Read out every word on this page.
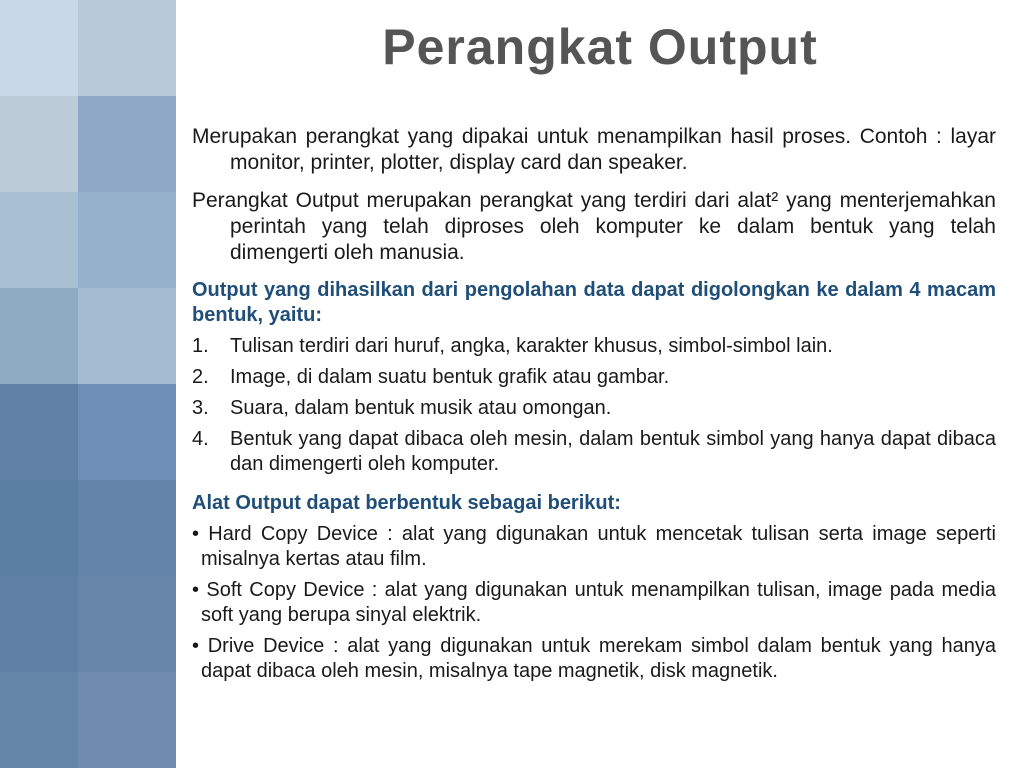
Perangkat Output

Merupakan perangkat yang dipakai untuk menampilkan hasil proses. Contoh : layar monitor, printer, plotter, display card dan speaker.

Perangkat Output merupakan perangkat yang terdiri dari alat² yang menterjemahkan perintah yang telah diproses oleh komputer ke dalam bentuk yang telah dimengerti oleh manusia.

Output yang dihasilkan dari pengolahan data dapat digolongkan ke dalam 4 macam bentuk, yaitu:

1. Tulisan terdiri dari huruf, angka, karakter khusus, simbol-simbol lain.
2. Image, di dalam suatu bentuk grafik atau gambar.
3. Suara, dalam bentuk musik atau omongan.
4. Bentuk yang dapat dibaca oleh mesin, dalam bentuk simbol yang hanya dapat dibaca dan dimengerti oleh komputer.

Alat Output dapat berbentuk sebagai berikut:

• Hard Copy Device : alat yang digunakan untuk mencetak tulisan serta image seperti misalnya kertas atau film.
• Soft Copy Device : alat yang digunakan untuk menampilkan tulisan, image pada media soft yang berupa sinyal elektrik.
• Drive Device : alat yang digunakan untuk merekam simbol dalam bentuk yang hanya dapat dibaca oleh mesin, misalnya tape magnetik, disk magnetik.
